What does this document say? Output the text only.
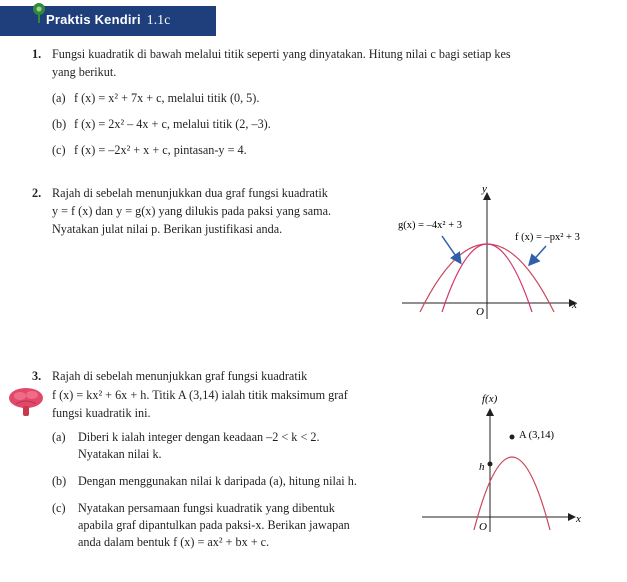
Praktis Kendiri 1.1c
1. Fungsi kuadratik di bawah melalui titik seperti yang dinyatakan. Hitung nilai c bagi setiap kes
yang berikut.
(a) f (x) = x² + 7x + c, melalui titik (0, 5).
(b) f (x) = 2x² – 4x + c, melalui titik (2, –3).
(c) f (x) = –2x² + x + c, pintasan-y = 4.
2. Rajah di sebelah menunjukkan dua graf fungsi kuadratik
y = f (x) dan y = g(x) yang dilukis pada paksi yang sama.
Nyatakan julat nilai p. Berikan justifikasi anda.
y
x
O
g(x) = –4x² + 3
f (x) = –px² + 3
3. Rajah di sebelah menunjukkan graf fungsi kuadratik
f (x) = kx² + 6x + h. Titik A (3,14) ialah titik maksimum graf
fungsi kuadratik ini.
(a) Diberi k ialah integer dengan keadaan –2 < k < 2.
Nyatakan nilai k.
(b) Dengan menggunakan nilai k daripada (a), hitung nilai h.
(c) Nyatakan persamaan fungsi kuadratik yang dibentuk
apabila graf dipantulkan pada paksi-x. Berikan jawapan
anda dalam bentuk f (x) = ax² + bx + c.
f(x)
x
O
A (3,14)
h
